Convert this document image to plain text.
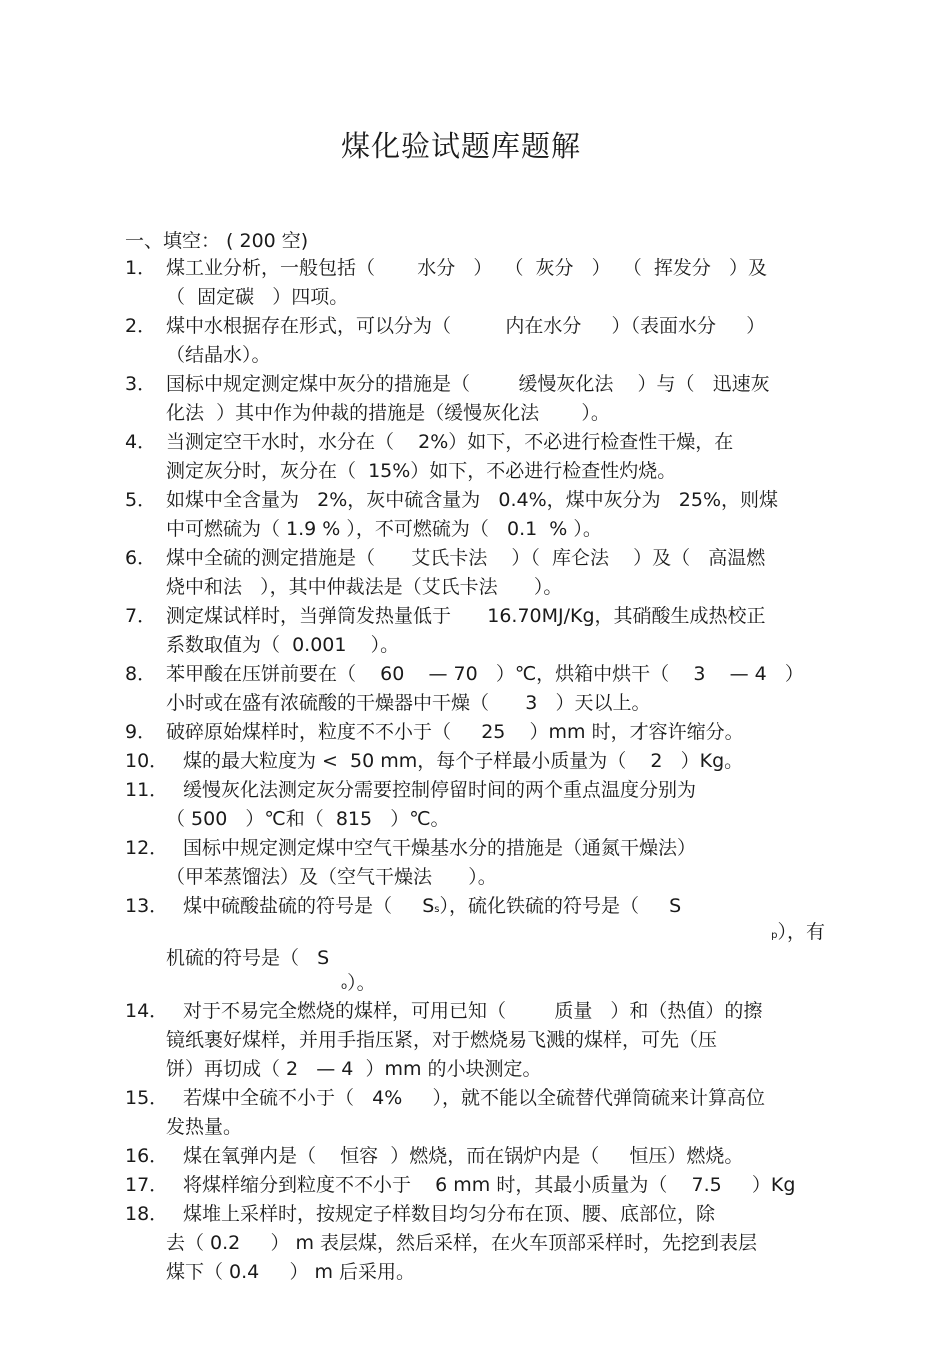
煤化验试题库题解
一、填空： ( 200 空)
1． 煤工业分析，一般包括（       水分   ）  （  灰分   ）  （  挥发分   ）及
（  固定碳   ）四项。
2． 煤中水根据存在形式，可以分为（         内在水分     ）（表面水分     ）
（结晶水）。
3． 国标中规定测定煤中灰分的措施是（        缓慢灰化法    ）与（   迅速灰
化法  ）其中作为仲裁的措施是（缓慢灰化法       ）。
4． 当测定空干水时，水分在（    2%）如下，不必进行检查性干燥，在
测定灰分时，灰分在（  15%）如下，不必进行检查性灼烧。
5． 如煤中全含量为   2%，灰中硫含量为   0.4%，煤中灰分为   25%，则煤
中可燃硫为（ 1.9 % ），不可燃硫为（   0.1  % ）。
6． 煤中全硫的测定措施是（      艾氏卡法    ）（  库仑法    ）及（   高温燃
烧中和法   ），其中仲裁法是（艾氏卡法      ）。
7． 测定煤试样时，当弹筒发热量低于      16.70MJ/Kg，其硝酸生成热校正
系数取值为（  0.001    ）。
8． 苯甲酸在压饼前要在（    60    — 70   ）℃，烘箱中烘干（    3    — 4   ）
小时或在盛有浓硫酸的干燥器中干燥（      3   ）天以上。
9． 破碎原始煤样时，粒度不不小于（     25    ）mm 时，才容许缩分。
10． 煤的最大粒度为 <  50 mm，每个子样最小质量为（    2   ）Kg。
11． 缓慢灰化法测定灰分需要控制停留时间的两个重点温度分别为
（ 500   ）℃和（  815   ）℃。
12． 国标中规定测定煤中空气干燥基水分的措施是（通氮干燥法）
（甲苯蒸馏法）及（空气干燥法      ）。
13． 煤中硫酸盐硫的符号是（     Ss），硫化铁硫的符号是（     S
p），有
机硫的符号是（   S
o）。
14． 对于不易完全燃烧的煤样，可用已知（        质量   ）和（热值）的擦
镜纸裹好煤样，并用手指压紧，对于燃烧易飞溅的煤样，可先（压
饼）再切成（ 2   — 4  ）mm 的小块测定。
15． 若煤中全硫不小于（   4%     ），就不能以全硫替代弹筒硫来计算高位
发热量。
16． 煤在氧弹内是（    恒容  ）燃烧，而在锅炉内是（     恒压）燃烧。
17． 将煤样缩分到粒度不不小于    6 mm 时，其最小质量为（    7.5     ）Kg
18． 煤堆上采样时，按规定子样数目均匀分布在顶、腰、底部位，除
去（ 0.2     ） m 表层煤，然后采样，在火车顶部采样时，先挖到表层
煤下（ 0.4     ） m 后采用。
